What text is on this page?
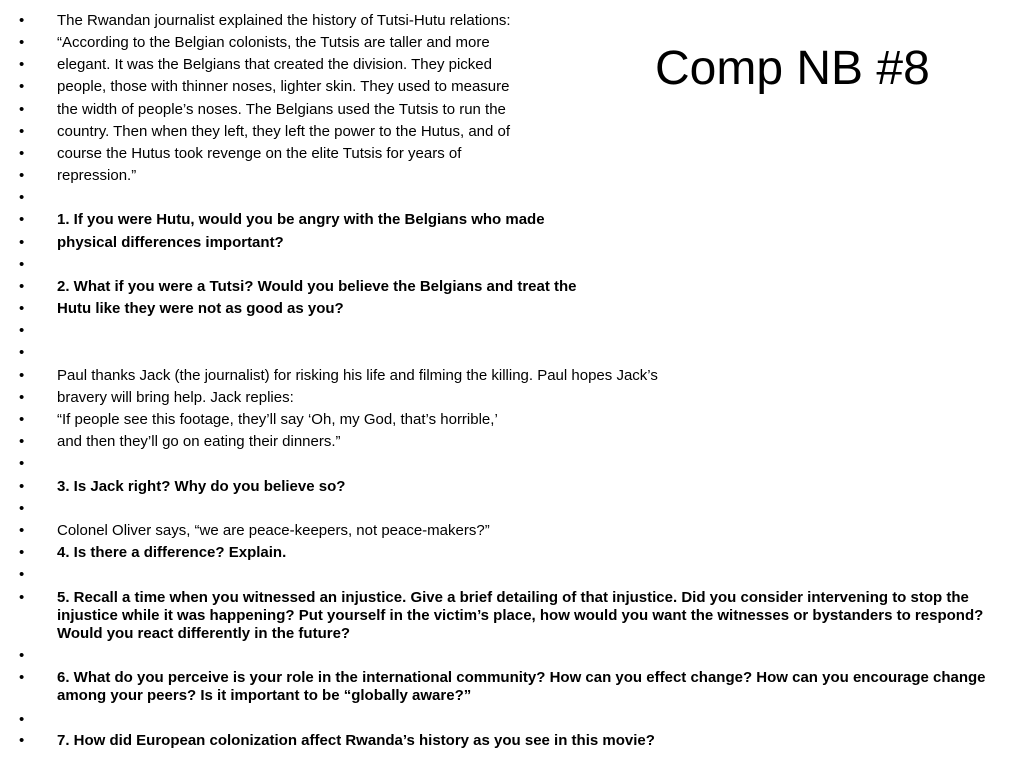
Comp NB #8
•	The Rwandan journalist explained the history of Tutsi-Hutu relations:
•	“According to the Belgian colonists, the Tutsis are taller and more
•	elegant. It was the Belgians that created the division. They picked
•	people, those with thinner noses, lighter skin. They used to measure
•	the width of people’s noses. The Belgians used the Tutsis to run the
•	country. Then when they left, they left the power to the Hutus, and of
•	course the Hutus took revenge on the elite Tutsis for years of
•	repression.”
•
•	1. If you were Hutu, would you be angry with the Belgians who made
•	physical differences important?
•
•	2. What if you were a Tutsi? Would you believe the Belgians and treat the
•	Hutu like they were not as good as you?
•
•
•	Paul thanks Jack (the journalist) for risking his life and filming the killing. Paul hopes Jack’s
•	bravery will bring help. Jack replies:
•	“If people see this footage, they’ll say ‘Oh, my God, that’s horrible,’
•	and then they’ll go on eating their dinners.”
•
•	3. Is Jack right? Why do you believe so?
•
•	Colonel Oliver says, “we are peace-keepers, not peace-makers?”
•	4. Is there a difference? Explain.
•
•	5. Recall a time when you witnessed an injustice. Give a brief detailing of that injustice. Did you consider intervening to stop the injustice while it was happening? Put yourself in the victim’s place, how would you want the witnesses or bystanders to respond? Would you react differently in the future?
•
•	6. What do you perceive is your role in the international community? How can you effect change? How can you encourage change among your peers? Is it important to be “globally aware?”
•
•	7. How did European colonization affect Rwanda’s history as you see in this movie?
